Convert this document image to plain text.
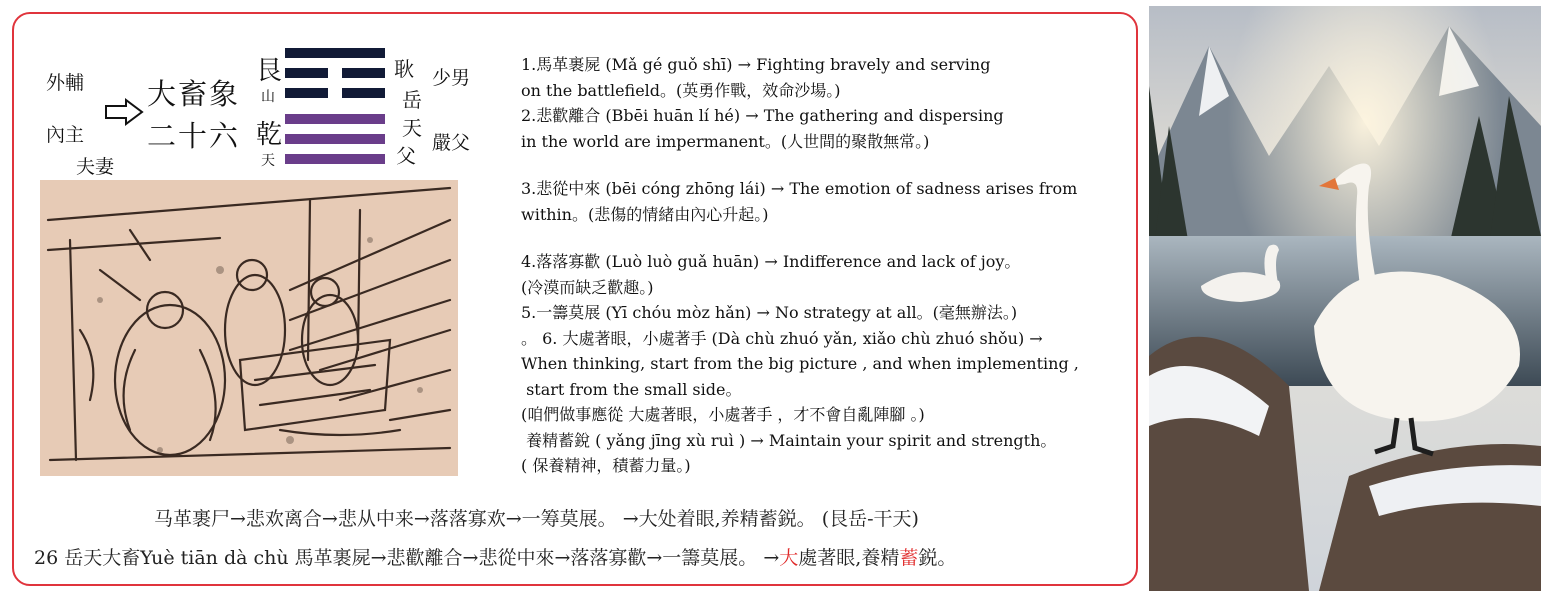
外輔
內主
夫妻
大畜象
二十六
艮
山
乾
天
耿
岳
天
父
少男
嚴父
1.馬革裹屍 (Mǎ gé guǒ shī) → Fighting bravely and serving
on the battlefield。(英勇作戰，效命沙場。)
2.悲歡離合 (Bbēi huān lí hé) → The gathering and dispersing
in the world are impermanent。(人世間的聚散無常。)
3.悲從中來 (bēi cóng zhōng lái) → The emotion of sadness arises from
within。(悲傷的情緒由內心升起。)
4.落落寡歡 (Luò luò guǎ huān) → Indifference and lack of joy。
(冷漠而缺乏歡趣。)
5.一籌莫展 (Yī chóu mòz hǎn) → No strategy at all。(毫無辦法。)
。 6. 大處著眼，小處著手 (Dà chù zhuó yǎn, xiǎo chù zhuó shǒu) →
When thinking, start from the big picture , and when implementing ,
start from the small side。
(咱們做事應從 大處著眼，小處著手 ，才不會自亂陣腳 。)
養精蓄銳 ( yǎng jīng xù ruì ) → Maintain your spirit and strength。
( 保養精神，積蓄力量。)
马革裹尸→悲欢离合→悲从中来→落落寡欢→一筹莫展。 →大处着眼,养精蓄鋭。 (艮岳-干天)
26 岳天大畜Yuè tiān dà chù 馬革裹屍→悲歡離合→悲從中來→落落寡歡→一籌莫展。 →大處著眼,養精蓄鋭。
